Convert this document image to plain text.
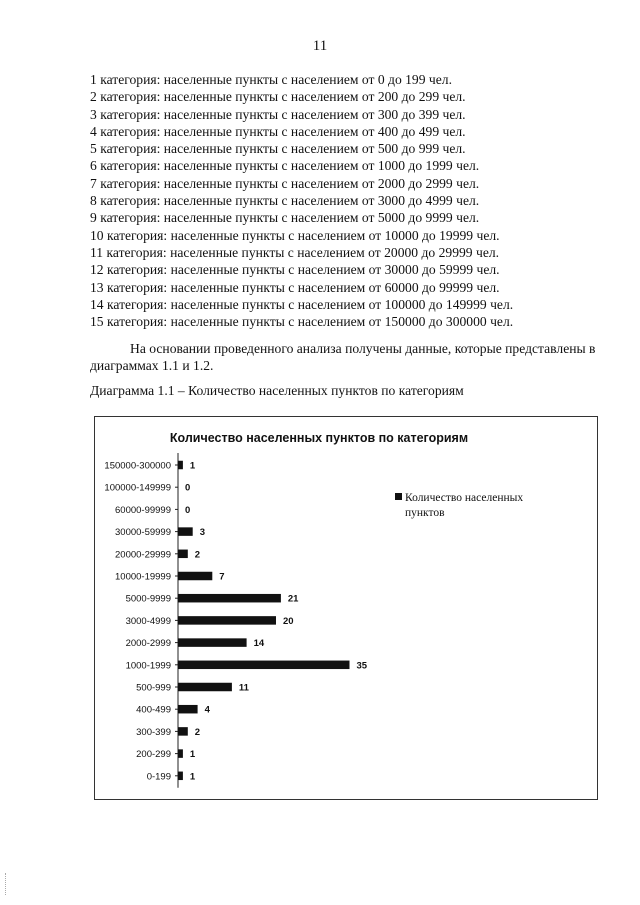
11
1 категория: населенные пункты с населением от 0 до 199 чел.
2 категория: населенные пункты с населением от 200 до 299 чел.
3 категория: населенные пункты с населением от 300 до 399 чел.
4 категория: населенные пункты с населением от 400 до 499 чел.
5 категория: населенные пункты с населением от 500 до 999 чел.
6 категория: населенные пункты с населением от 1000 до 1999 чел.
7 категория: населенные пункты с населением от 2000 до 2999 чел.
8 категория: населенные пункты с населением от 3000 до 4999 чел.
9 категория: населенные пункты с населением от 5000 до 9999 чел.
10 категория: населенные пункты с населением от 10000 до 19999 чел.
11 категория: населенные пункты с населением от 20000 до 29999 чел.
12 категория: населенные пункты с населением от 30000 до 59999 чел.
13 категория: населенные пункты с населением от 60000 до 99999 чел.
14 категория: населенные пункты с населением от 100000 до 149999 чел.
15 категория: населенные пункты с населением от 150000 до 300000 чел.

На основании проведенного анализа получены данные, которые представлены в диаграммах 1.1 и 1.2.

Диаграмма 1.1 – Количество населенных пунктов по категориям

Количество населенных пунктов по категориям
150000-300000 1
100000-149999 0
60000-99999 0
30000-59999	3
20000-29999	2
10000-19999	7
5000-9999	21
3000-4999	20
2000-2999	14
1000-1999	35
500-999	11
400-499	4
300-399	2
200-299 1
0-199 1
Количество населенных пунктов
